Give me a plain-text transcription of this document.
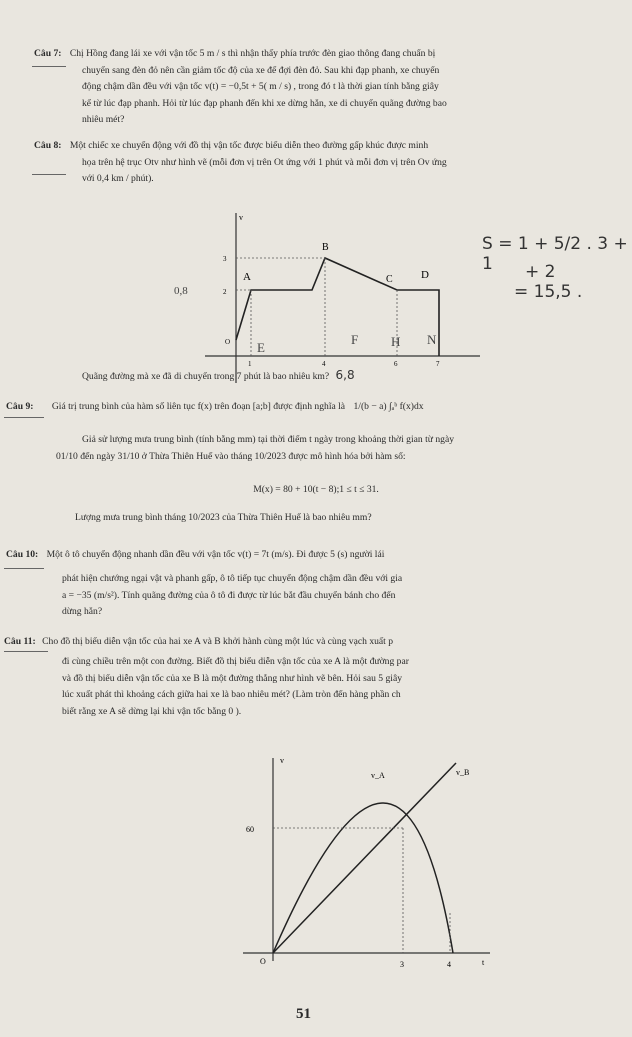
Câu 7: Chị Hồng đang lái xe với vận tốc 5 m / s thì nhận thấy phía trước đèn giao thông đang chuẩn bị
chuyển sang đèn đỏ nên cần giảm tốc độ của xe để đợi đèn đỏ. Sau khi đạp phanh, xe chuyển
động chậm dần đều với vận tốc v(t) = −0,5t + 5( m / s) , trong đó t là thời gian tính bằng giây
kể từ lúc đạp phanh. Hỏi từ lúc đạp phanh đến khi xe dừng hẳn, xe di chuyển quãng đường bao
nhiêu mét?
Câu 8: Một chiếc xe chuyển động với đồ thị vận tốc được biểu diễn theo đường gấp khúc được minh
họa trên hệ trục Otv như hình vẽ (mỗi đơn vị trên Ot ứng với 1 phút và mỗi đơn vị trên Ov ứng
với 0,4 km / phút).
v
3
2
O
1	4	6	7
A
B
C	D
E
F	H N
0,8
S = 1 + 5/2 . 3 + 1	+ 2
= 15,5 .
Quãng đường mà xe đã di chuyển trong 7 phút là bao nhiêu km? 6,8
Câu 9: Giá trị trung bình của hàm số liên tục f(x) trên đoạn [a;b] được định nghĩa là 1/(b − a) ∫ₐᵇ f(x)dx
Giả sử lượng mưa trung bình (tính bằng mm) tại thời điểm t ngày trong khoảng thời gian từ ngày
01/10 đến ngày 31/10 ở Thừa Thiên Huế vào tháng 10/2023 được mô hình hóa bởi hàm số:
M(x) = 80 + 10(t − 8);1 ≤ t ≤ 31.
Lượng mưa trung bình tháng 10/2023 của Thừa Thiên Huế là bao nhiêu mm?
Câu 10: Một ô tô chuyển động nhanh dần đều với vận tốc v(t) = 7t (m/s). Đi được 5 (s) người lái
phát hiện chướng ngại vật và phanh gấp, ô tô tiếp tục chuyển động chậm dần đều với gia
a = −35 (m/s²). Tính quãng đường của ô tô đi được từ lúc bắt đầu chuyển bánh cho đến
dừng hẳn?
Câu 11: Cho đồ thị biểu diễn vận tốc của hai xe A và B khởi hành cùng một lúc và cùng vạch xuất p
đi cùng chiều trên một con đường. Biết đồ thị biểu diễn vận tốc của xe A là một đường par
và đồ thị biểu diễn vận tốc của xe B là một đường thẳng như hình vẽ bên. Hỏi sau 5 giây
lúc xuất phát thì khoảng cách giữa hai xe là bao nhiêu mét? (Làm tròn đến hàng phần ch
biết rằng xe A sẽ dừng lại khi vận tốc bằng 0 ).
v
t
60
O	3	4
v_A	v_B
51
